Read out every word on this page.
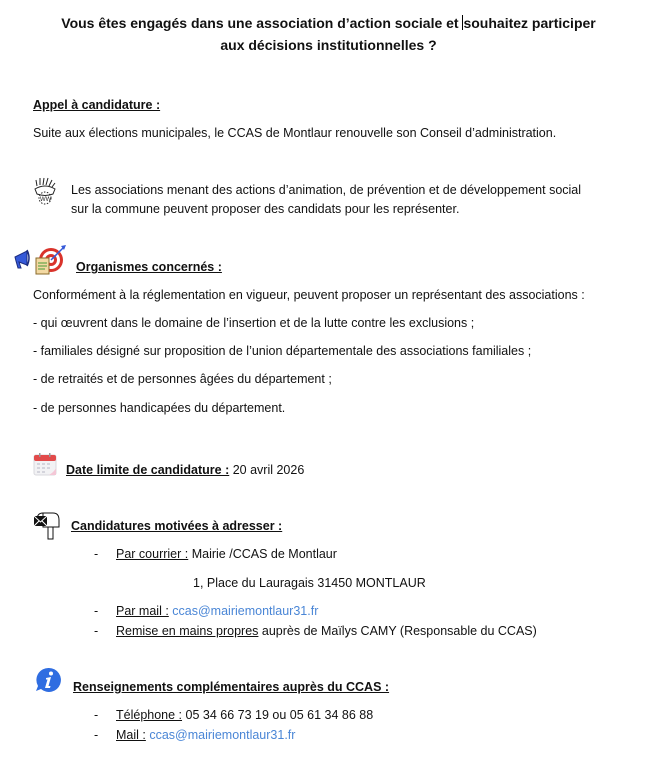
Vous êtes engagés dans une association d’action sociale et souhaitez participer
aux décisions institutionnelles ?
Appel à candidature :
Suite aux élections municipales, le CCAS de Montlaur renouvelle son Conseil d’administration.
WW
Les associations menant des actions d’animation, de prévention et de développement social
sur la commune peuvent proposer des candidats pour les représenter.
Organismes concernés :
Conformément à la réglementation en vigueur, peuvent proposer un représentant des associations :
- qui œuvrent dans le domaine de l’insertion et de la lutte contre les exclusions ;
- familiales désigné sur proposition de l’union départementale des associations familiales ;
- de retraités et de personnes âgées du département ;
- de personnes handicapées du département.
Date limite de candidature : 20 avril 2026
Candidatures motivées à adresser :
- Par courrier : Mairie /CCAS de Montlaur
1, Place du Lauragais 31450 MONTLAUR
- Par mail : ccas@mairiemontlaur31.fr
- Remise en mains propres auprès de Maïlys CAMY (Responsable du CCAS)
Renseignements complémentaires auprès du CCAS :
- Téléphone : 05 34 66 73 19 ou 05 61 34 86 88
- Mail : ccas@mairiemontlaur31.fr
